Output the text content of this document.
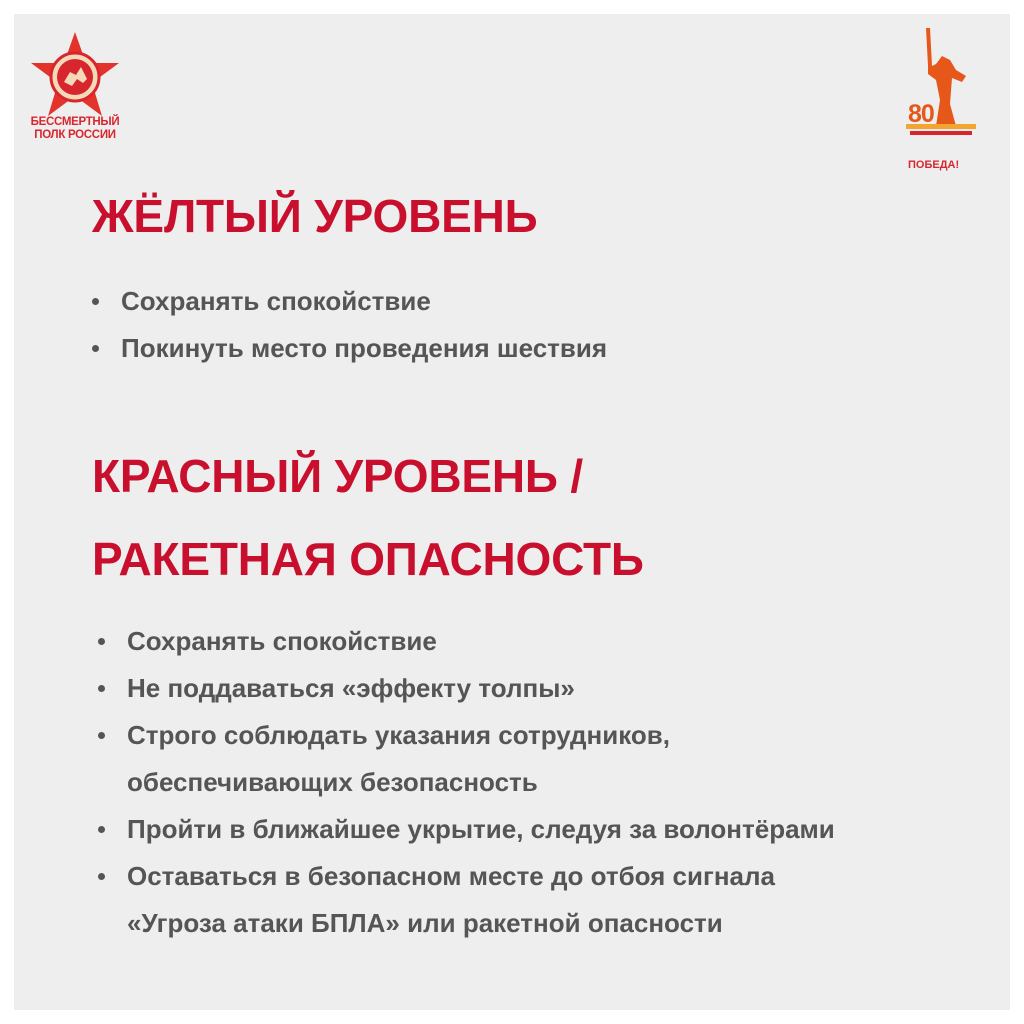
БЕССМЕРТНЫЙ
ПОЛК РОССИИ
80
ПОБЕДА!
ЖЁЛТЫЙ УРОВЕНЬ
Сохранять спокойствие
Покинуть место проведения шествия
КРАСНЫЙ УРОВЕНЬ /
РАКЕТНАЯ ОПАСНОСТЬ
Сохранять спокойствие
Не поддаваться «эффекту толпы»
Строго соблюдать указания сотрудников,
обеспечивающих безопасность
Пройти в ближайшее укрытие, следуя за волонтёрами
Оставаться в безопасном месте до отбоя сигнала
«Угроза атаки БПЛА» или ракетной опасности
